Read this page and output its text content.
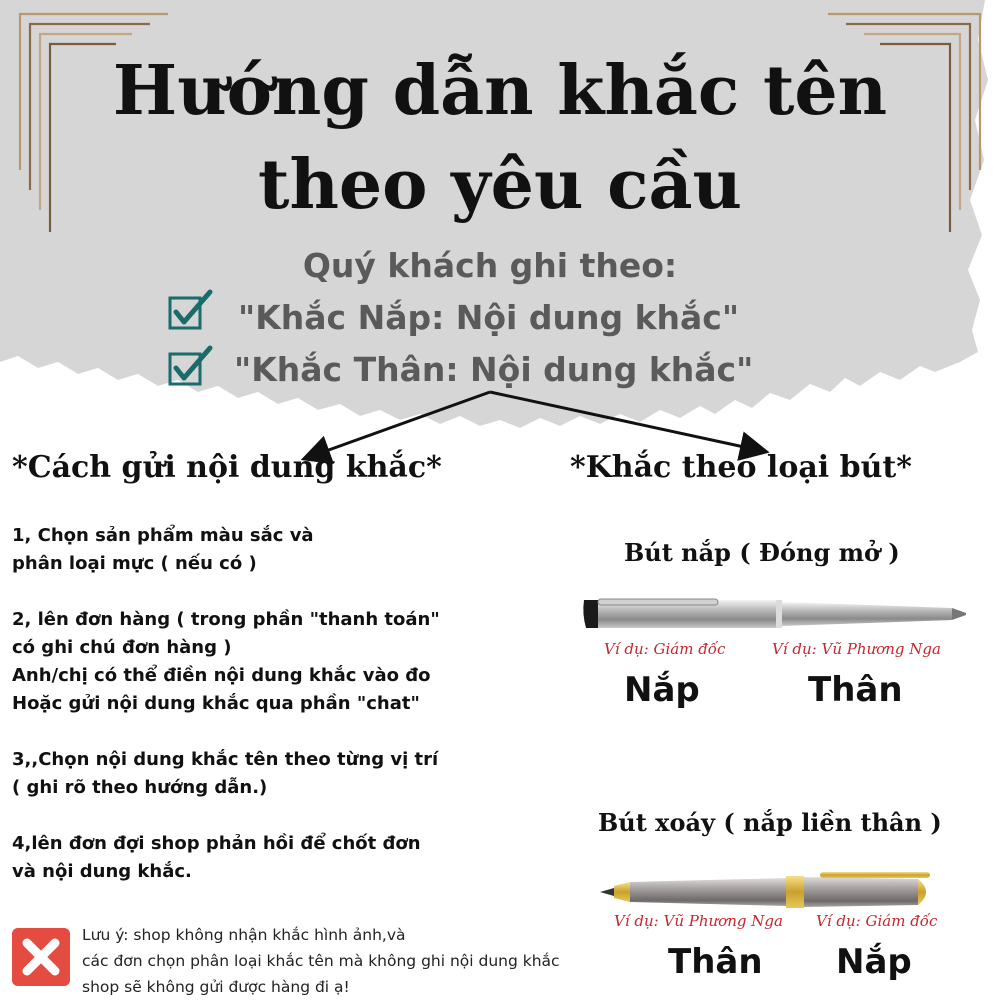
Hướng dẫn khắc tên theo yêu cầu
Quý khách ghi theo:
"Khắc Nắp: Nội dung khắc"
"Khắc Thân: Nội dung khắc"
*Cách gửi nội dung khắc*	*Khắc theo loại bút*
1, Chọn sản phẩm màu sắc và
phân loại mực ( nếu có )
2, lên đơn hàng ( trong phần "thanh toán"
có ghi chú đơn hàng )
Anh/chị có thể điền nội dung khắc vào đo
Hoặc gửi nội dung khắc qua phần "chat"
3,,Chọn nội dung khắc tên theo từng vị trí
( ghi rõ theo hướng dẫn.)
4,lên đơn đợi shop phản hồi để chốt đơn
và nội dung khắc.
Lưu ý: shop không nhận khắc hình ảnh,và
các đơn chọn phân loại khắc tên mà không ghi nội dung khắc
shop sẽ không gửi được hàng đi ạ!
Bút nắp ( Đóng mở )
Ví dụ: Giám đốc	Ví dụ: Vũ Phương Nga
Nắp	Thân
Bút xoáy ( nắp liền thân )
Ví dụ: Vũ Phương Nga Ví dụ: Giám đốc
Thân Nắp
